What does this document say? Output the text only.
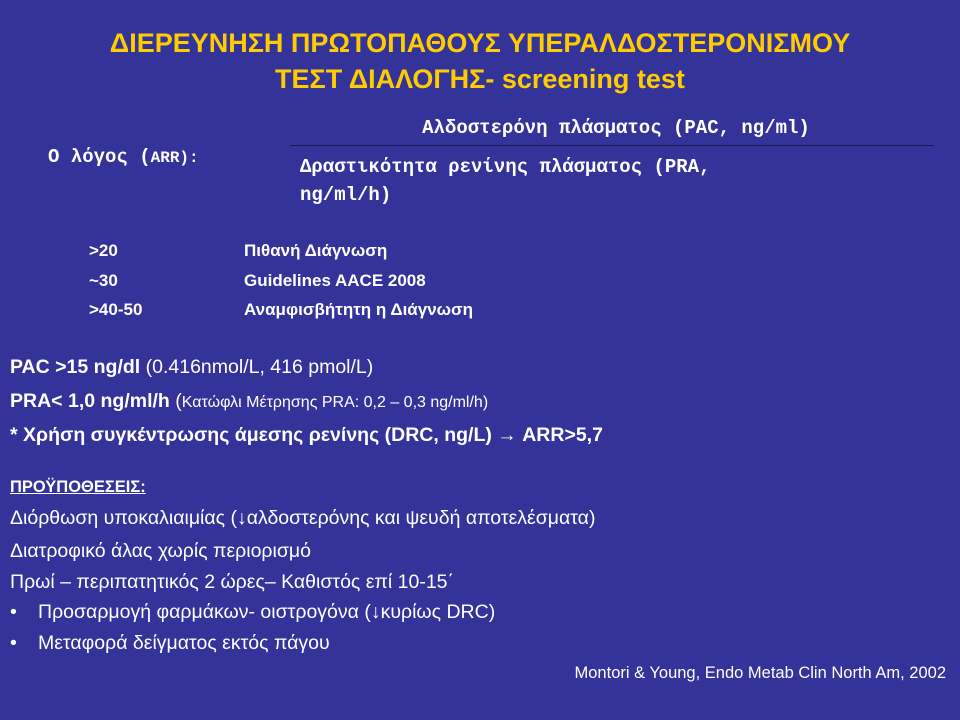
ΔΙΕΡΕΥΝΗΣΗ ΠΡΩΤΟΠΑΘΟΥΣ ΥΠΕΡΑΛΔΟΣΤΕΡΟΝΙΣΜΟΥ
ΤΕΣΤ ΔΙΑΛΟΓΗΣ- screening test
Ο λόγος (ARR):
Αλδοστερόνη πλάσματος (PAC, ng/ml)
Δραστικότητα ρενίνης πλάσματος (PRA,
ng/ml/h)
>20	Πιθανή Διάγνωση
~30	Guidelines AACE 2008
>40-50	Αναμφισβήτητη η Διάγνωση
PAC >15 ng/dl (0.416nmol/L, 416 pmol/L)
PRA< 1,0 ng/ml/h (Κατώφλι Μέτρησης PRA: 0,2 – 0,3 ng/ml/h)
* Χρήση συγκέντρωσης άμεσης ρενίνης (DRC, ng/L) → ARR>5,7
ΠΡΟΫΠΟΘΕΣΕΙΣ:
Διόρθωση υποκαλιαιμίας (↓αλδοστερόνης και ψευδή αποτελέσματα)
Διατροφικό άλας χωρίς περιορισμό
Πρωί – περιπατητικός 2 ώρες– Καθιστός επί 10-15΄
• Προσαρμογή φαρμάκων- οιστρογόνα (↓κυρίως DRC)
• Μεταφορά δείγματος εκτός πάγου
Montori & Young, Endo Metab Clin North Am, 2002
